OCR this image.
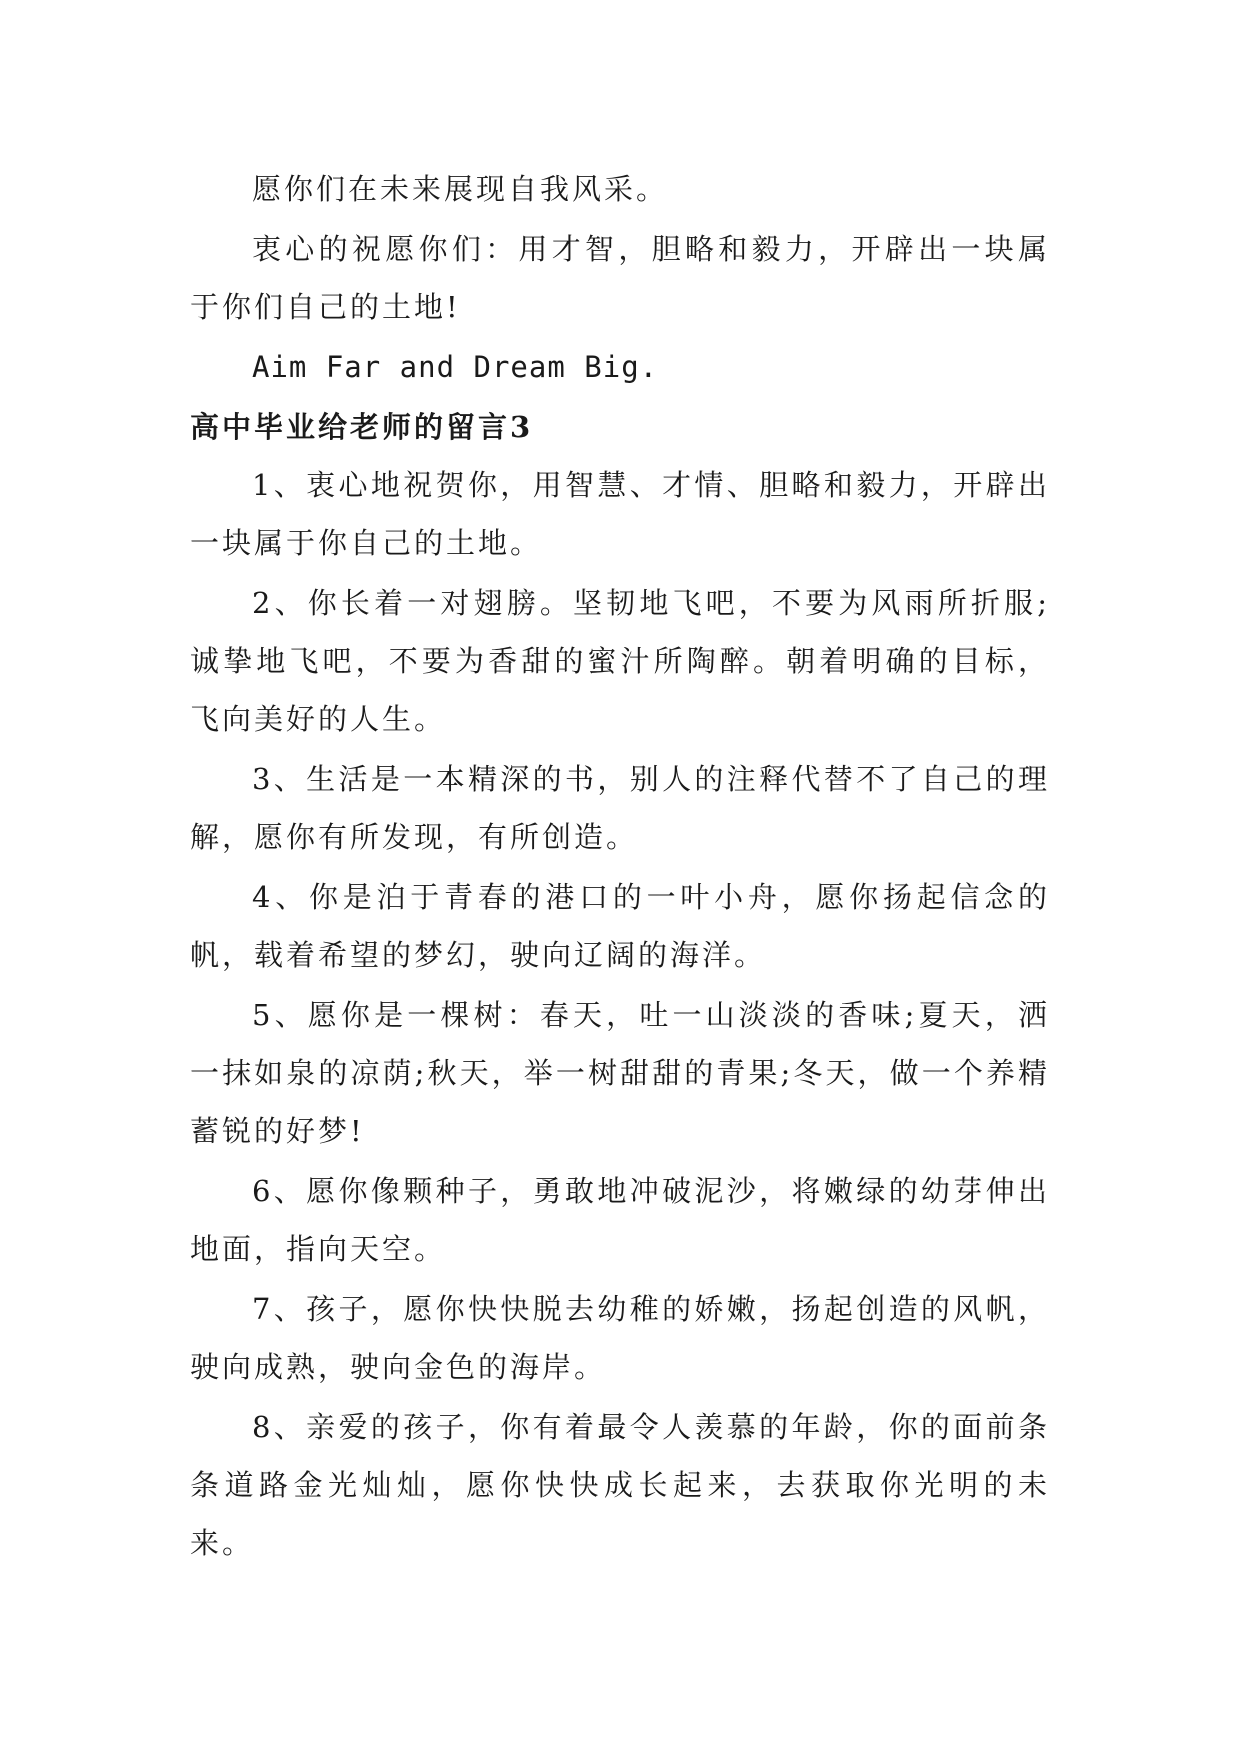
愿你们在未来展现自我风采。

衷心的祝愿你们：用才智，胆略和毅力，开辟出一块属于你们自己的土地!

Aim Far and Dream Big.

高中毕业给老师的留言3

1、衷心地祝贺你，用智慧、才情、胆略和毅力，开辟出一块属于你自己的土地。

2、你长着一对翅膀。坚韧地飞吧，不要为风雨所折服;诚挚地飞吧，不要为香甜的蜜汁所陶醉。朝着明确的目标，飞向美好的人生。

3、生活是一本精深的书，别人的注释代替不了自己的理解，愿你有所发现，有所创造。

4、你是泊于青春的港口的一叶小舟，愿你扬起信念的帆，载着希望的梦幻，驶向辽阔的海洋。

5、愿你是一棵树：春天，吐一山淡淡的香味;夏天，洒一抹如泉的凉荫;秋天，举一树甜甜的青果;冬天，做一个养精蓄锐的好梦!

6、愿你像颗种子，勇敢地冲破泥沙，将嫩绿的幼芽伸出地面，指向天空。

7、孩子，愿你快快脱去幼稚的娇嫩，扬起创造的风帆，驶向成熟，驶向金色的海岸。

8、亲爱的孩子，你有着最令人羡慕的年龄，你的面前条条道路金光灿灿，愿你快快成长起来，去获取你光明的未来。
